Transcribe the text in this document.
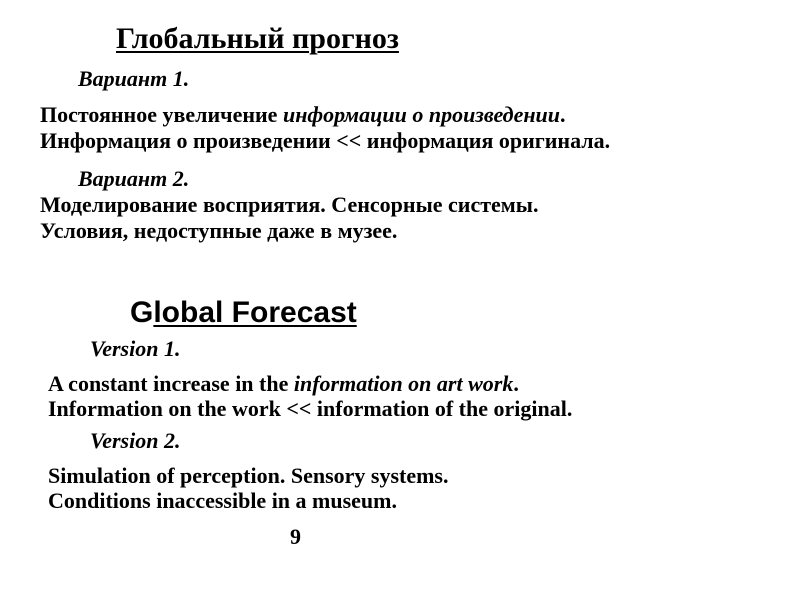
Глобальный прогноз
Вариант 1.

Постоянное увеличение информации о произведении.

Информация о произведении << информация оригинала.

Вариант 2.

Моделирование восприятия. Сенсорные системы.

Условия, недоступные даже в музее.

Global Forecast
Version 1.

A constant increase in the information on art work.

Information on the work << information of the original.

Version 2.

Simulation of perception. Sensory systems.

Conditions inaccessible in a museum.

9
